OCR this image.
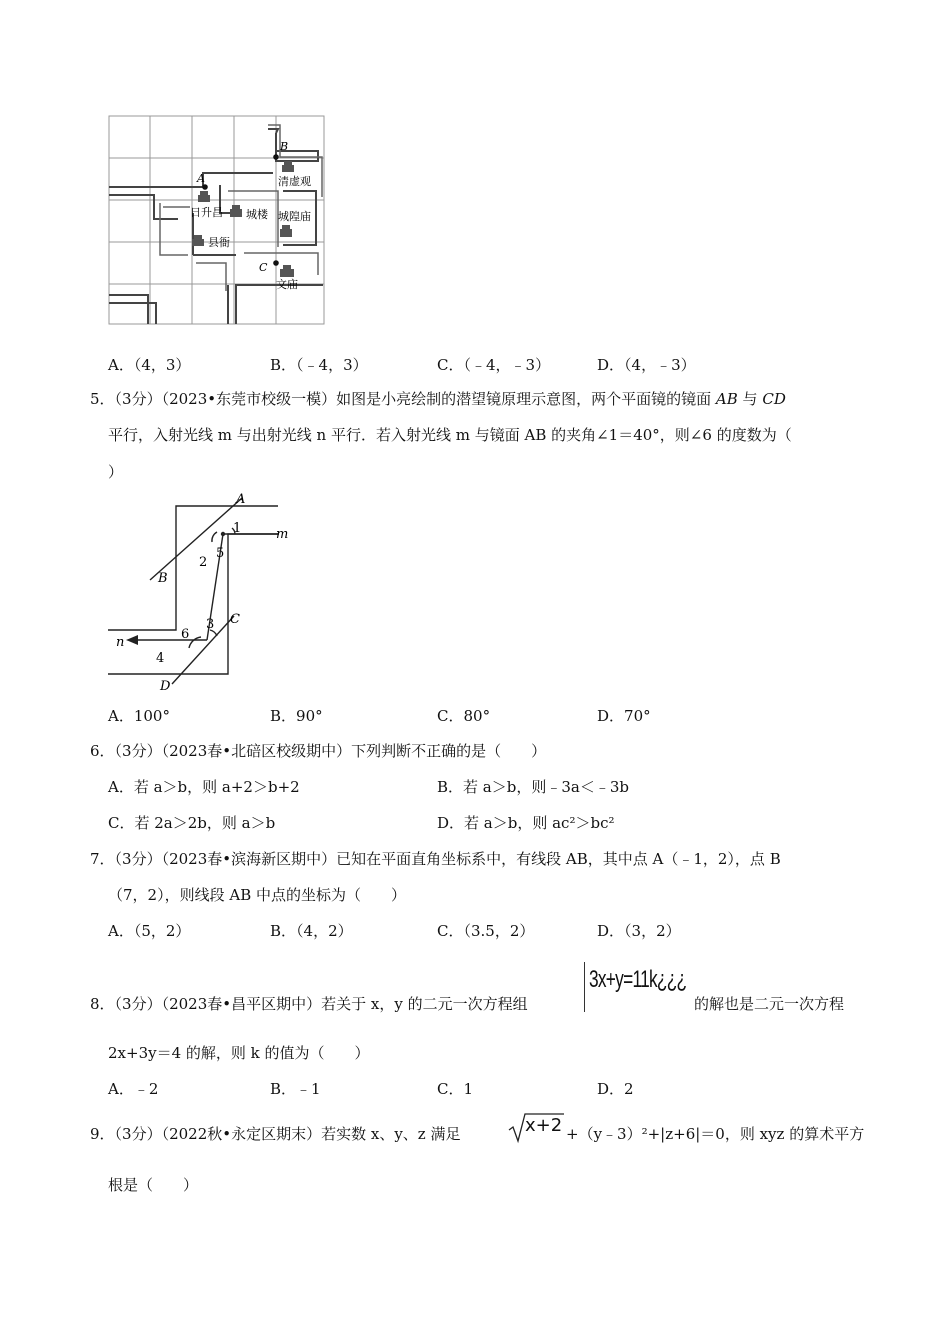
A
B
C
清虚观
日升昌 城楼 城隍庙
县衙
文庙
A．（4，3）	B．（﹣4，3）	C．（﹣4，﹣3）	D．（4，﹣3）
5．（3分）（2023•东莞市校级一模）如图是小亮绘制的潜望镜原理示意图，两个平面镜的镜面 AB 与 CD
平行，入射光线 m 与出射光线 n 平行．若入射光线 m 与镜面 AB 的夹角∠1＝40°，则∠6 的度数为（
）
A
B
C
D
m
n
1
2
3
4
5
6
A．100°	B．90°	C．80°	D．70°
6．（3分）（2023春•北碚区校级期中）下列判断不正确的是（　　）
A．若 a＞b，则 a+2＞b+2	B．若 a＞b，则﹣3a＜﹣3b
C．若 2a＞2b，则 a＞b	D．若 a＞b，则 ac²＞bc²
7．（3分）（2023春•滨海新区期中）已知在平面直角坐标系中，有线段 AB，其中点 A（﹣1，2），点 B
（7，2），则线段 AB 中点的坐标为（　　）
A．（5，2）	B．（4，2）	C．（3.5，2）	D．（3，2）
8．（3分）（2023春•昌平区期中）若关于 x，y 的二元一次方程组
3x+y=11k¿¿¿
的解也是二元一次方程
2x+3y＝4 的解，则 k 的值为（　　）
A．﹣2	B．﹣1	C．1	D．2
9．（3分）（2022秋•永定区期末）若实数 x、y、z 满足	x+2 +（y﹣3）²+|z+6|＝0，则 xyz 的算术平方
根是（　　）
